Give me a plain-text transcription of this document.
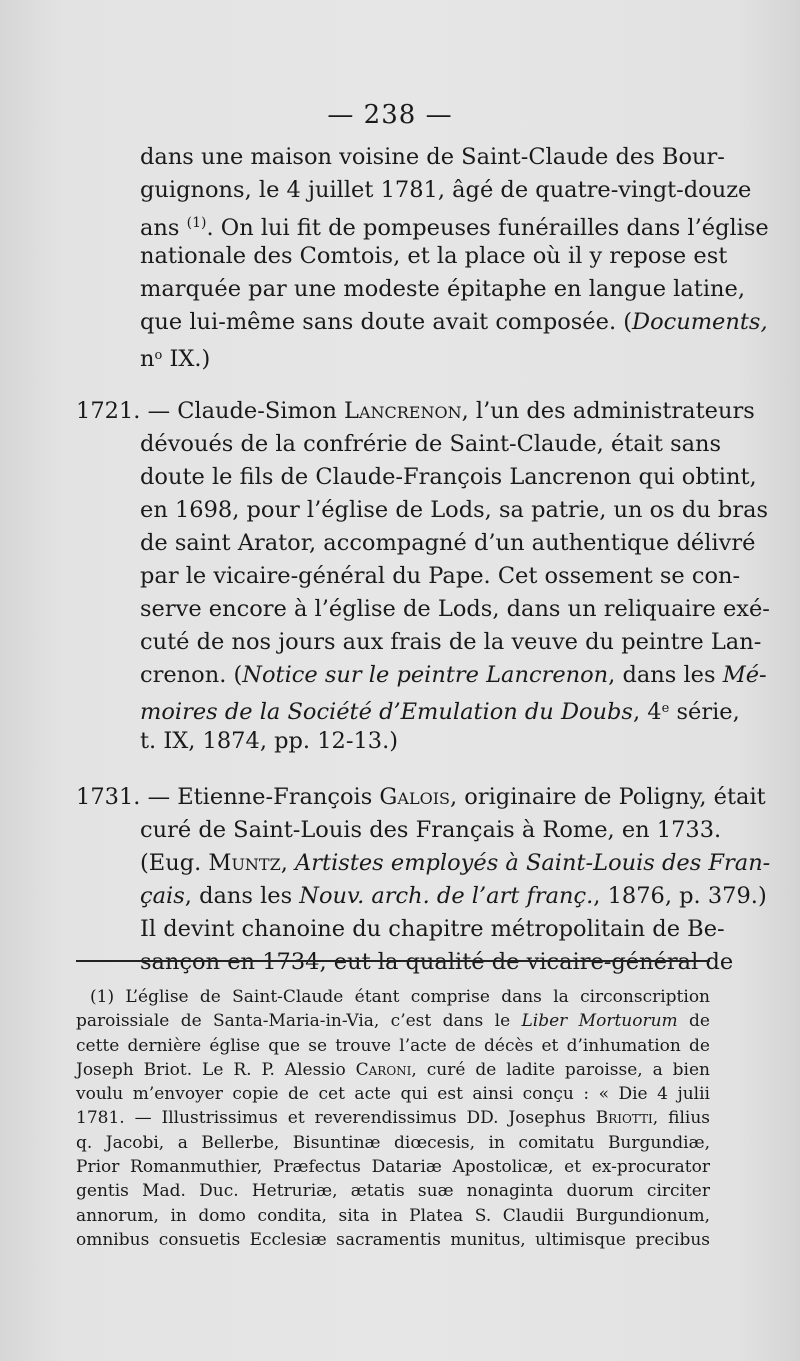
— 238 —
dans une maison voisine de Saint-Claude des Bour-
guignons, le 4 juillet 1781, âgé de quatre-vingt-douze
ans $^{(1)}$. On lui fit de pompeuses funérailles dans l’église
nationale des Comtois, et la place où il y repose est
marquée par une modeste épitaphe en langue latine,
que lui-même sans doute avait composée. (Documents,
$n^o$ IX.)
1721. — Claude-Simon Lancrenon, l’un des administrateurs
dévoués de la confrérie de Saint-Claude, était sans
doute le fils de Claude-François Lancrenon qui obtint,
en 1698, pour l’église de Lods, sa patrie, un os du bras
de saint Arator, accompagné d’un authentique délivré
par le vicaire-général du Pape. Cet ossement se con-
serve encore à l’église de Lods, dans un reliquaire exé-
cuté de nos jours aux frais de la veuve du peintre Lan-
crenon. (Notice sur le peintre Lancrenon, dans les Mé-
moires de la Société d’Emulation du Doubs, 4e série,
t. IX, 1874, pp. 12-13.)
1731. — Etienne-François Galois, originaire de Poligny, était
curé de Saint-Louis des Français à Rome, en 1733.
(Eug. Muntz, Artistes employés à Saint-Louis des Fran-
çais, dans les Nouv. arch. de l’art franç., 1876, p. 379.)
Il devint chanoine du chapitre métropolitain de Be-
sançon en 1734, eut la qualité de vicaire-général de
(1) L’église de Saint-Claude étant comprise dans la circonscription
paroissiale de Santa-Maria-in-Via, c’est dans le Liber Mortuorum de
cette dernière église que se trouve l’acte de décès et d’inhumation de
Joseph Briot. Le R. P. Alessio Caroni, curé de ladite paroisse, a bien
voulu m’envoyer copie de cet acte qui est ainsi conçu : « Die 4 julii
1781. — Illustrissimus et reverendissimus DD. Josephus Briotti, filius
q. Jacobi, a Bellerbe, Bisuntinæ diœcesis, in comitatu Burgundiæ,
Prior Romanmuthier, Præfectus Datariæ Apostolicæ, et ex-procurator
gentis Mad. Duc. Hetruriæ, ætatis suæ nonaginta duorum circiter
annorum, in domo condita, sita in Platea S. Claudii Burgundionum,
omnibus consuetis Ecclesiæ sacramentis munitus, ultimisque precibus
